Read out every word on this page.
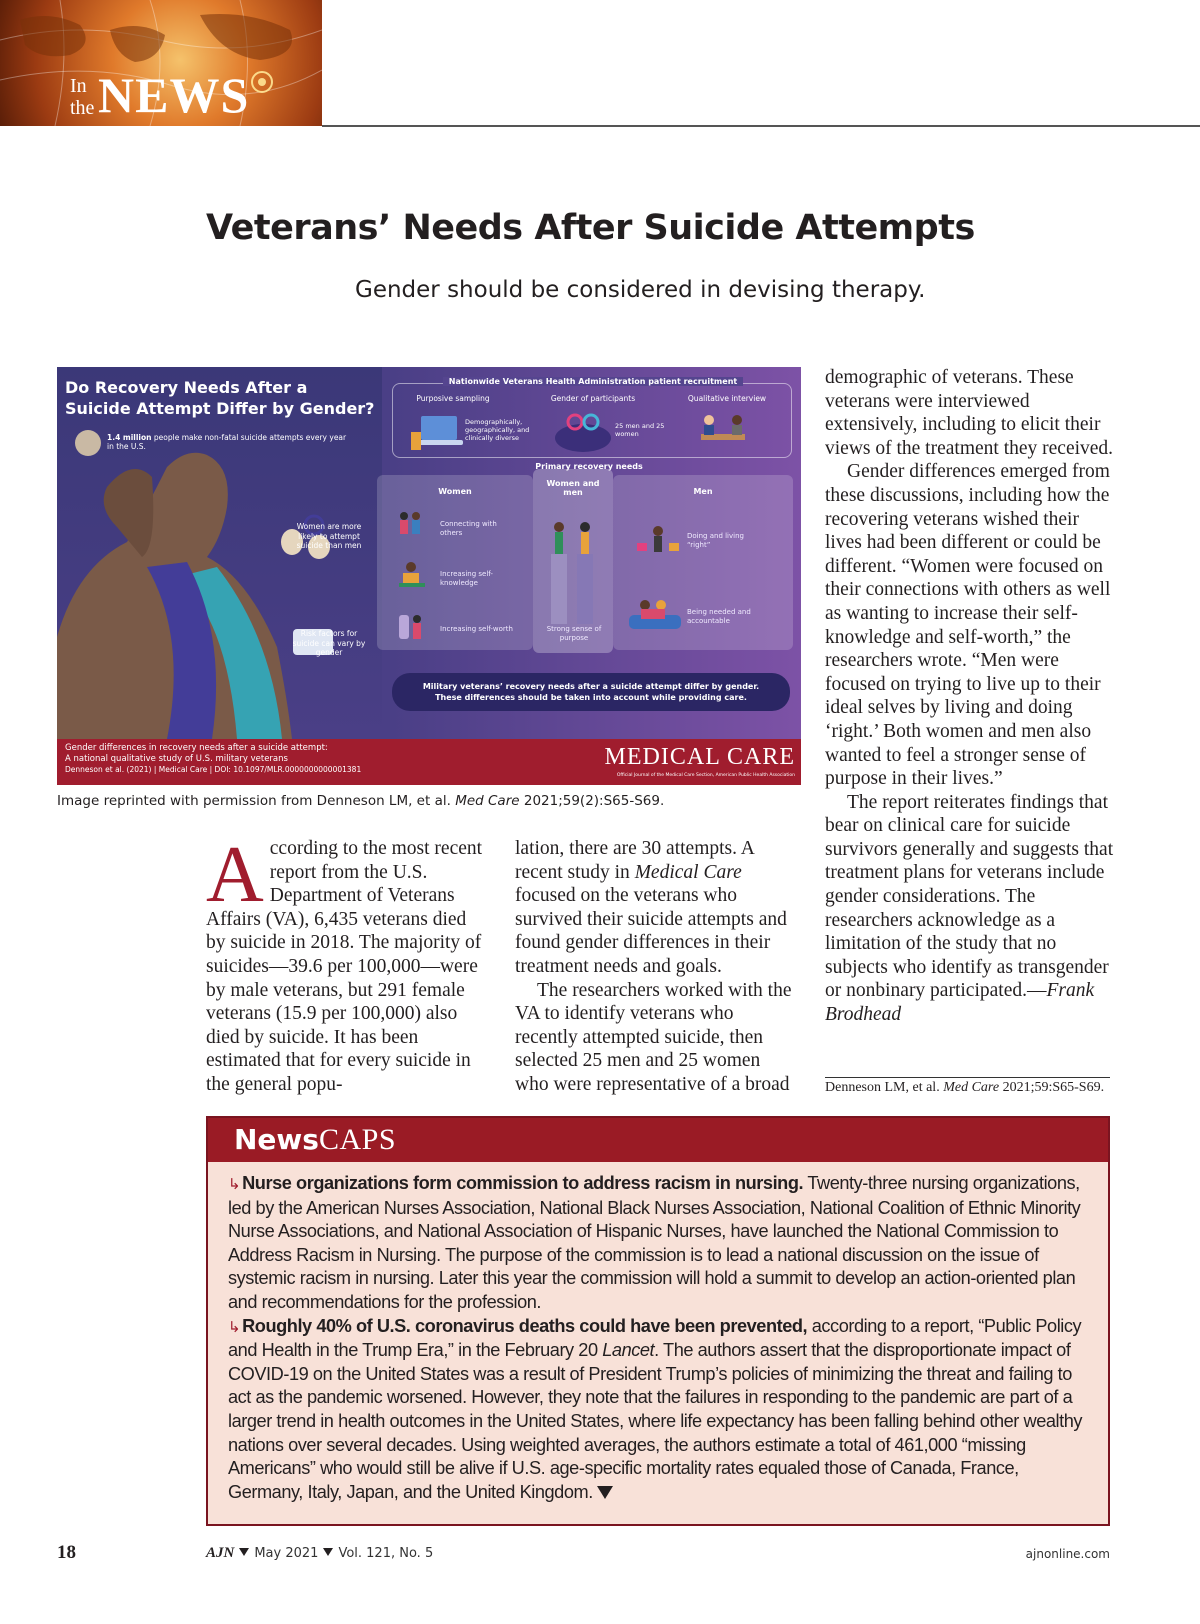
In
the NEWS
Veterans’ Needs After Suicide Attempts
Gender should be considered in devising therapy.
Do Recovery Needs After a Suicide Attempt Differ by Gender?
1.4 million people make non-fatal suicide attempts every year in the U.S.
Women are more likely to attempt suicide than men
Risk factors for suicide can vary by gender
Nationwide Veterans Health Administration patient recruitment
Purposive sampling	Gender of participants	Qualitative interview
Demographically, geographically, and clinically diverse
25 men and 25 women
Primary recovery needs
Women
Women and men	Men
Connecting with others
Increasing self-knowledge
Increasing self-worth	Strong sense of purpose
Doing and living “right”
Being needed and accountable
Military veterans’ recovery needs after a suicide attempt differ by gender.
These differences should be taken into account while providing care.
Gender differences in recovery needs after a suicide attempt:
A national qualitative study of U.S. military veterans
Denneson et al. (2021) | Medical Care | DOI: 10.1097/MLR.0000000000001381	MEDICAL CARE
Official Journal of the Medical Care Section, American Public Health Association
Image reprinted with permission from Denneson LM, et al. Med Care 2021;59(2):S65-S69.

According to the most recent report from the U.S. Department of Veterans Affairs (VA), 6,435 veterans died by suicide in 2018. The majority of suicides—39.6 per 100,000—were by male veterans, but 291 female veterans (15.9 per 100,000) also died by suicide. It has been estimated that for every suicide in the general popu-

lation, there are 30 attempts. A recent study in Medical Care focused on the veterans who survived their suicide attempts and found gender differences in their treatment needs and goals.

The researchers worked with the VA to identify veterans who recently attempted suicide, then selected 25 men and 25 women who were representative of a broad

demographic of veterans. These veterans were interviewed extensively, including to elicit their views of the treatment they received.

Gender differences emerged from these discussions, including how the recovering veterans wished their lives had been different or could be different. “Women were focused on their connections with others as well as wanting to increase their self-knowledge and self-worth,” the researchers wrote. “Men were focused on trying to live up to their ideal selves by living and doing ‘right.’ Both women and men also wanted to feel a stronger sense of purpose in their lives.”

The report reiterates findings that bear on clinical care for suicide survivors generally and suggests that treatment plans for veterans include gender considerations. The researchers acknowledge as a limitation of the study that no subjects who identify as transgender or nonbinary participated.—Frank Brodhead

Denneson LM, et al. Med Care 2021;59:S65-S69.
NewsCAPS

↳ Nurse organizations form commission to address racism in nursing. Twenty-three nursing organizations, led by the American Nurses Association, National Black Nurses Association, National Coalition of Ethnic Minority Nurse Associations, and National Association of Hispanic Nurses, have launched the National Commission to Address Racism in Nursing. The purpose of the commission is to lead a national discussion on the issue of systemic racism in nursing. Later this year the commission will hold a summit to develop an action-oriented plan and recommendations for the profession.

↳ Roughly 40% of U.S. coronavirus deaths could have been prevented, according to a report, “Public Policy and Health in the Trump Era,” in the February 20 Lancet. The authors assert that the disproportionate impact of COVID-19 on the United States was a result of President Trump’s policies of minimizing the threat and failing to act as the pandemic worsened. However, they note that the failures in responding to the pandemic are part of a larger trend in health outcomes in the United States, where life expectancy has been falling behind other wealthy nations over several decades. Using weighted averages, the authors estimate a total of 461,000 “missing Americans” who would still be alive if U.S. age-specific mortality rates equaled those of Canada, France, Germany, Italy, Japan, and the United Kingdom.

18	AJN May 2021 Vol. 121, No. 5	ajnonline.com
